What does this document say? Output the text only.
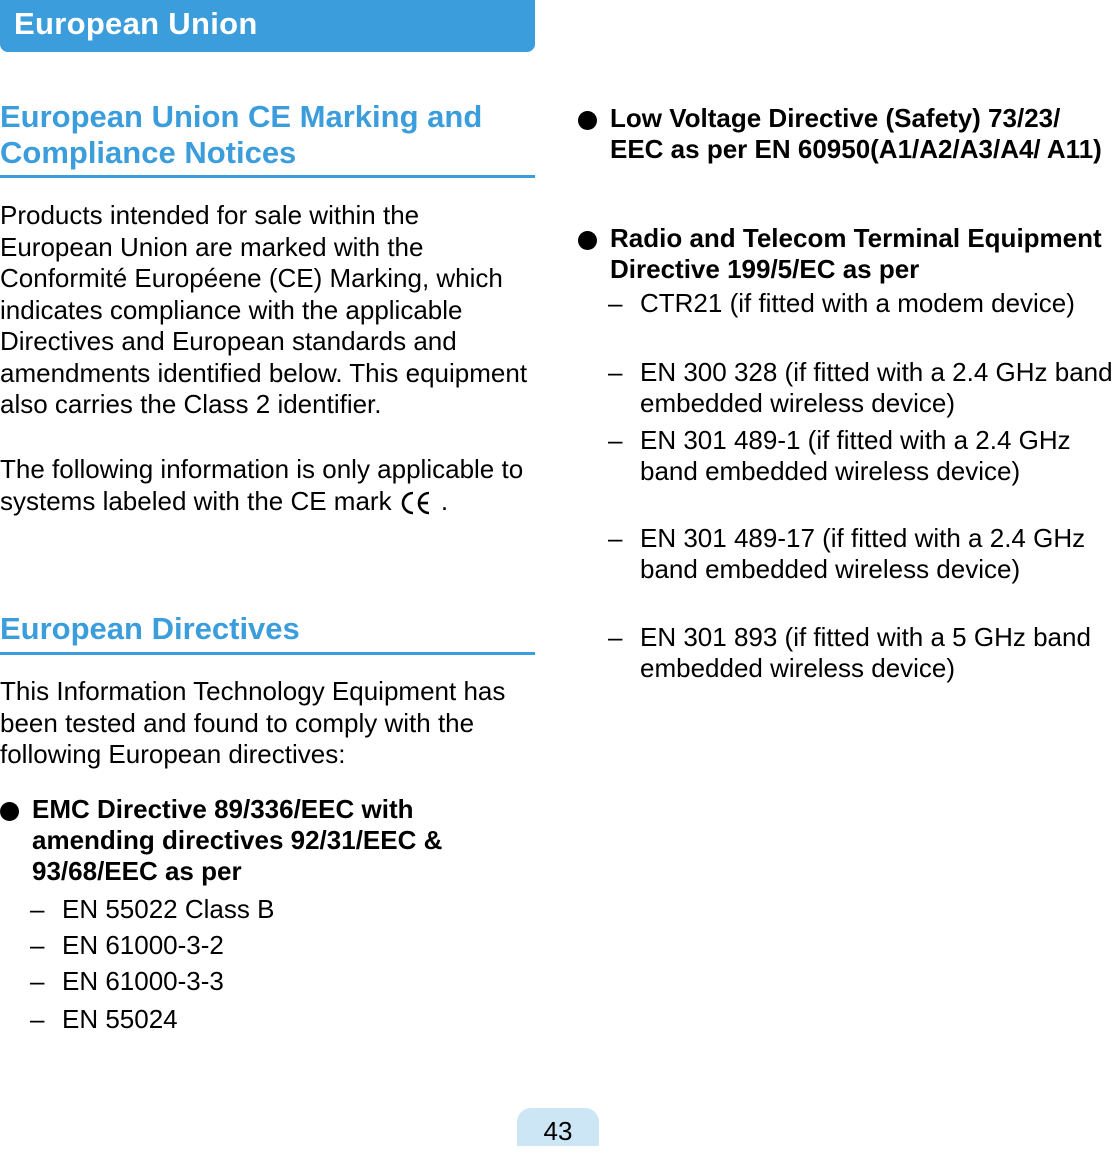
European Union
European Union CE Marking and Compliance Notices
Products intended for sale within the European Union are marked with the Conformité Européene (CE) Marking, which indicates compliance with the applicable Directives and European standards and amendments identified below. This equipment also carries the Class 2 identifier.
The following information is only applicable to systems labeled with the CE mark .
European Directives
This Information Technology Equipment has been tested and found to comply with the following European directives:
EMC Directive 89/336/EEC with amending directives 92/31/EEC & 93/68/EEC as per
– EN 55022 Class B
– EN 61000-3-2
– EN 61000-3-3
– EN 55024
Low Voltage Directive (Safety) 73/23/ EEC as per EN 60950(A1/A2/A3/A4/ A11)
Radio and Telecom Terminal Equipment Directive 199/5/EC as per
– CTR21 (if fitted with a modem device)
– EN 300 328 (if fitted with a 2.4 GHz band embedded wireless device)
– EN 301 489-1 (if fitted with a 2.4 GHz band embedded wireless device)
– EN 301 489-17 (if fitted with a 2.4 GHz band embedded wireless device)
– EN 301 893 (if fitted with a 5 GHz band embedded wireless device)
43
